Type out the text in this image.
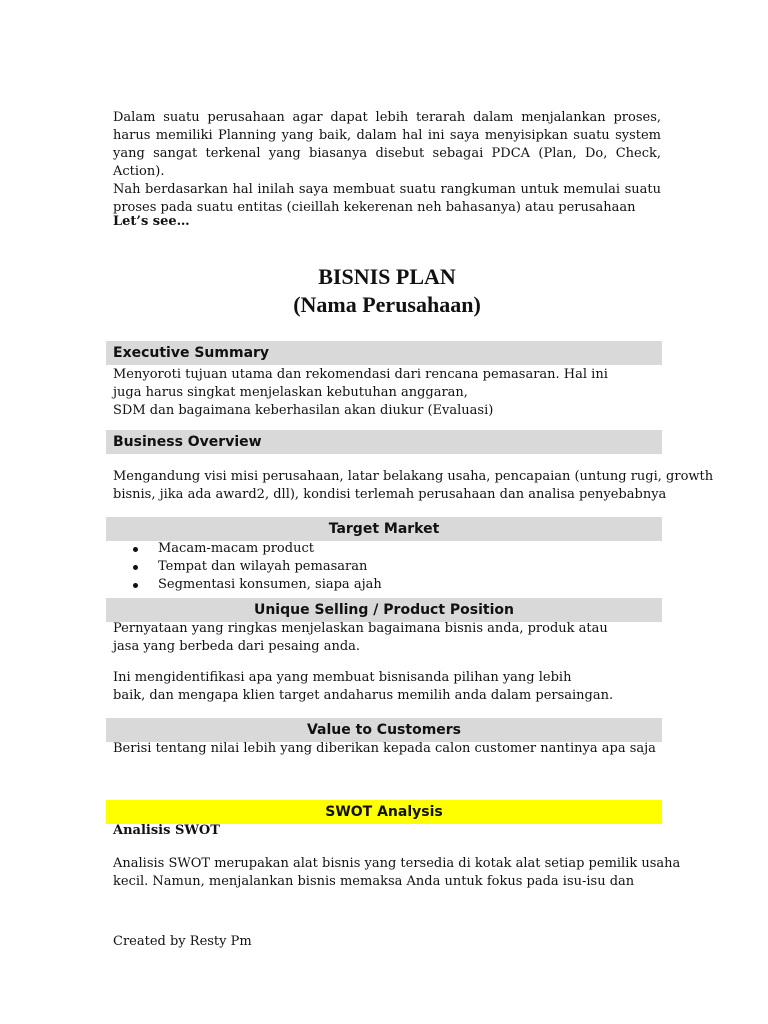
Dalam suatu perusahaan agar dapat lebih terarah dalam menjalankan proses, harus memiliki Planning yang baik, dalam hal ini saya menyisipkan suatu system yang sangat terkenal yang biasanya disebut sebagai PDCA (Plan, Do, Check, Action).

Nah berdasarkan hal inilah saya membuat suatu rangkuman untuk memulai suatu proses pada suatu entitas (cieillah kekerenan neh bahasanya) atau perusahaan

Let’s see…
BISNIS PLAN
(Nama Perusahaan)
Executive Summary

Menyoroti tujuan utama dan rekomendasi dari rencana pemasaran. Hal ini

juga harus singkat menjelaskan kebutuhan anggaran,

SDM dan bagaimana keberhasilan akan diukur (Evaluasi)

Business Overview

Mengandung visi misi perusahaan, latar belakang usaha, pencapaian (untung rugi, growth

bisnis, jika ada award2, dll), kondisi terlemah perusahaan dan analisa penyebabnya

Target Market
Macam-macam product
Tempat dan wilayah pemasaran
Segmentasi konsumen, siapa ajah
Unique Selling / Product Position

Pernyataan yang ringkas menjelaskan bagaimana bisnis anda, produk atau

jasa yang berbeda dari pesaing anda.

Ini mengidentifikasi apa yang membuat bisnisanda pilihan yang lebih

baik, dan mengapa klien target andaharus memilih anda dalam persaingan.

Value to Customers

Berisi tentang nilai lebih yang diberikan kepada calon customer nantinya apa saja

SWOT Analysis
Analisis SWOT

Analisis SWOT merupakan alat bisnis yang tersedia di kotak alat setiap pemilik usaha

kecil. Namun, menjalankan bisnis memaksa Anda untuk fokus pada isu-isu dan

Created by Resty Pm
